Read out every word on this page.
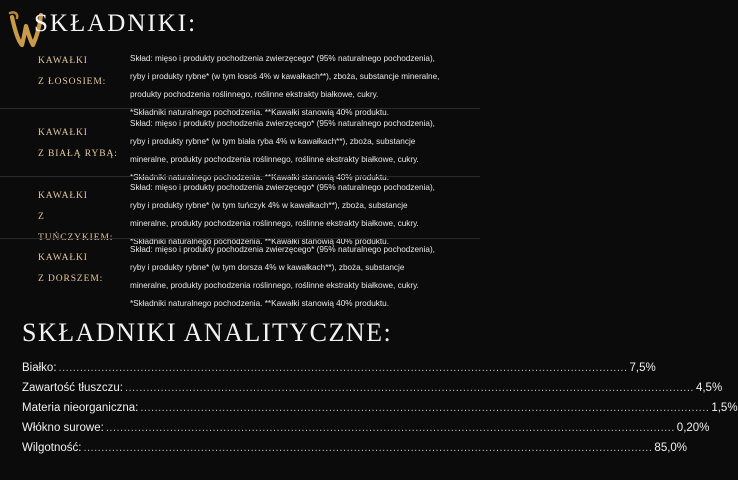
SKŁADNIKI:
KAWAŁKI
Z ŁOSOSIEM:
Skład: mięso i produkty pochodzenia zwierzęcego* (95% naturalnego pochodzenia),
ryby i produkty rybne* (w tym łosoś 4% w kawałkach**), zboża, substancje mineralne,
produkty pochodzenia roślinnego, roślinne ekstrakty białkowe, cukry.
*Składniki naturalnego pochodzenia. **Kawałki stanowią 40% produktu.
KAWAŁKI
Z BIAŁĄ RYBĄ:
Skład: mięso i produkty pochodzenia zwierzęcego* (95% naturalnego pochodzenia),
ryby i produkty rybne* (w tym biała ryba 4% w kawałkach**), zboża, substancje
mineralne, produkty pochodzenia roślinnego, roślinne ekstrakty białkowe, cukry.
*Składniki naturalnego pochodzenia. **Kawałki stanowią 40% produktu.
KAWAŁKI
Z TUŃCZYKIEM:
Skład: mięso i produkty pochodzenia zwierzęcego* (95% naturalnego pochodzenia),
ryby i produkty rybne* (w tym tuńczyk 4% w kawałkach**), zboża, substancje
mineralne, produkty pochodzenia roślinnego, roślinne ekstrakty białkowe, cukry.
*Składniki naturalnego pochodzenia. **Kawałki stanowią 40% produktu.
KAWAŁKI
Z DORSZEM:
Skład: mięso i produkty pochodzenia zwierzęcego* (95% naturalnego pochodzenia),
ryby i produkty rybne* (w tym dorsza 4% w kawałkach**), zboża, substancje
mineralne, produkty pochodzenia roślinnego, roślinne ekstrakty białkowe, cukry.
*Składniki naturalnego pochodzenia. **Kawałki stanowią 40% produktu.
SKŁADNIKI ANALITYCZNE:
Białko: ................................................................................................................................................................ 7,5%
Zawartość tłuszczu: ................................................................................................................................................................ 4,5%
Materia nieorganiczna: ................................................................................................................................................................ 1,5%
Włókno surowe: ................................................................................................................................................................ 0,20%
Wilgotność: ................................................................................................................................................................ 85,0%
